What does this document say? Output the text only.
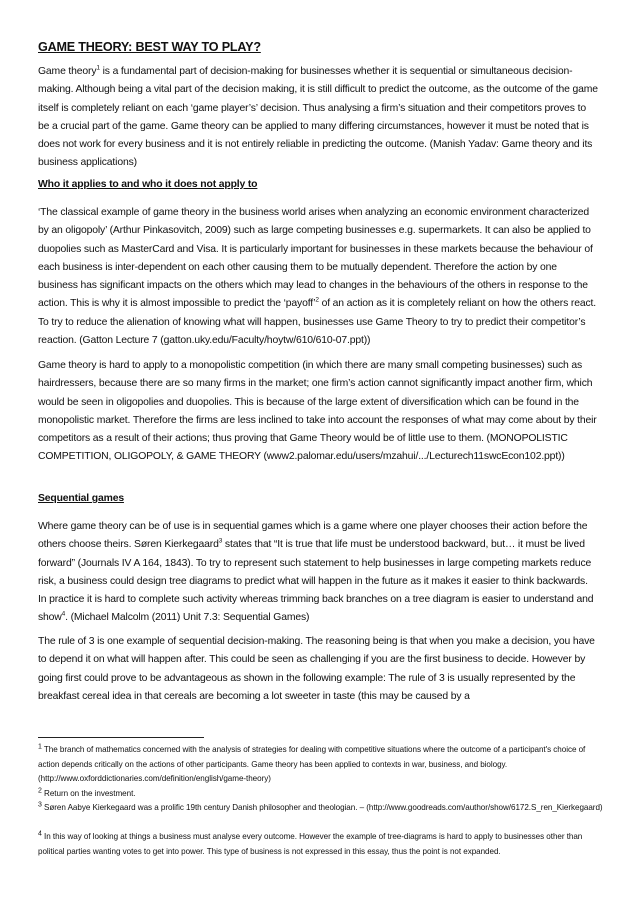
GAME THEORY: BEST WAY TO PLAY?

Game theory$^1$ is a fundamental part of decision-making for businesses whether it is sequential or simultaneous decision-making. Although being a vital part of the decision making, it is still difficult to predict the outcome, as the outcome of the game itself is completely reliant on each ‘game player’s’ decision. Thus analysing a firm’s situation and their competitors proves to be a crucial part of the game. Game theory can be applied to many differing circumstances, however it must be noted that is does not work for every business and it is not entirely reliable in predicting the outcome. (Manish Yadav: Game theory and its business applications)

Who it applies to and who it does not apply to

‘The classical example of game theory in the business world arises when analyzing an economic environment characterized by an oligopoly’ (Arthur Pinkasovitch, 2009) such as large competing businesses e.g. supermarkets. It can also be applied to duopolies such as MasterCard and Visa. It is particularly important for businesses in these markets because the behaviour of each business is inter-dependent on each other causing them to be mutually dependent. Therefore the action by one business has significant impacts on the others which may lead to changes in the behaviours of the others in response to the action. This is why it is almost impossible to predict the ‘payoff’$^2$ of an action as it is completely reliant on how the others react. To try to reduce the alienation of knowing what will happen, businesses use Game Theory to try to predict their competitor’s reaction. (Gatton Lecture 7 (gatton.uky.edu/Faculty/hoytw/610/610-07.ppt))

Game theory is hard to apply to a monopolistic competition (in which there are many small competing businesses) such as hairdressers, because there are so many firms in the market; one firm’s action cannot significantly impact another firm, which would be seen in oligopolies and duopolies. This is because of the large extent of diversification which can be found in the monopolistic market. Therefore the firms are less inclined to take into account the responses of what may come about by their competitors as a result of their actions; thus proving that Game Theory would be of little use to them. (MONOPOLISTIC COMPETITION, OLIGOPOLY, & GAME THEORY (www2.palomar.edu/users/mzahui/.../Lecturech11swcEcon102.ppt))

Sequential games

Where game theory can be of use is in sequential games which is a game where one player chooses their action before the others choose theirs. Søren Kierkegaard$^3$ states that “It is true that life must be understood backward, but… it must be lived forward” (Journals IV A 164, 1843). To try to represent such statement to help businesses in large competing markets reduce risk, a business could design tree diagrams to predict what will happen in the future as it makes it easier to think backwards. In practice it is hard to complete such activity whereas trimming back branches on a tree diagram is easier to understand and show$^4$. (Michael Malcolm (2011) Unit 7.3: Sequential Games)

The rule of 3 is one example of sequential decision-making. The reasoning being is that when you make a decision, you have to depend it on what will happen after. This could be seen as challenging if you are the first business to decide. However by going first could prove to be advantageous as shown in the following example: The rule of 3 is usually represented by the breakfast cereal idea in that cereals are becoming a lot sweeter in taste (this may be caused by a

1 The branch of mathematics concerned with the analysis of strategies for dealing with competitive situations where the outcome of a participant's choice of action depends critically on the actions of other participants. Game theory has been applied to contexts in war, business, and biology. (http://www.oxforddictionaries.com/definition/english/game-theory)

2 Return on the investment.

3 Søren Aabye Kierkegaard was a prolific 19th century Danish philosopher and theologian. – (http://www.goodreads.com/author/show/6172.S_ren_Kierkegaard)

4 In this way of looking at things a business must analyse every outcome. However the example of tree-diagrams is hard to apply to businesses other than political parties wanting votes to get into power. This type of business is not expressed in this essay, thus the point is not expanded.
